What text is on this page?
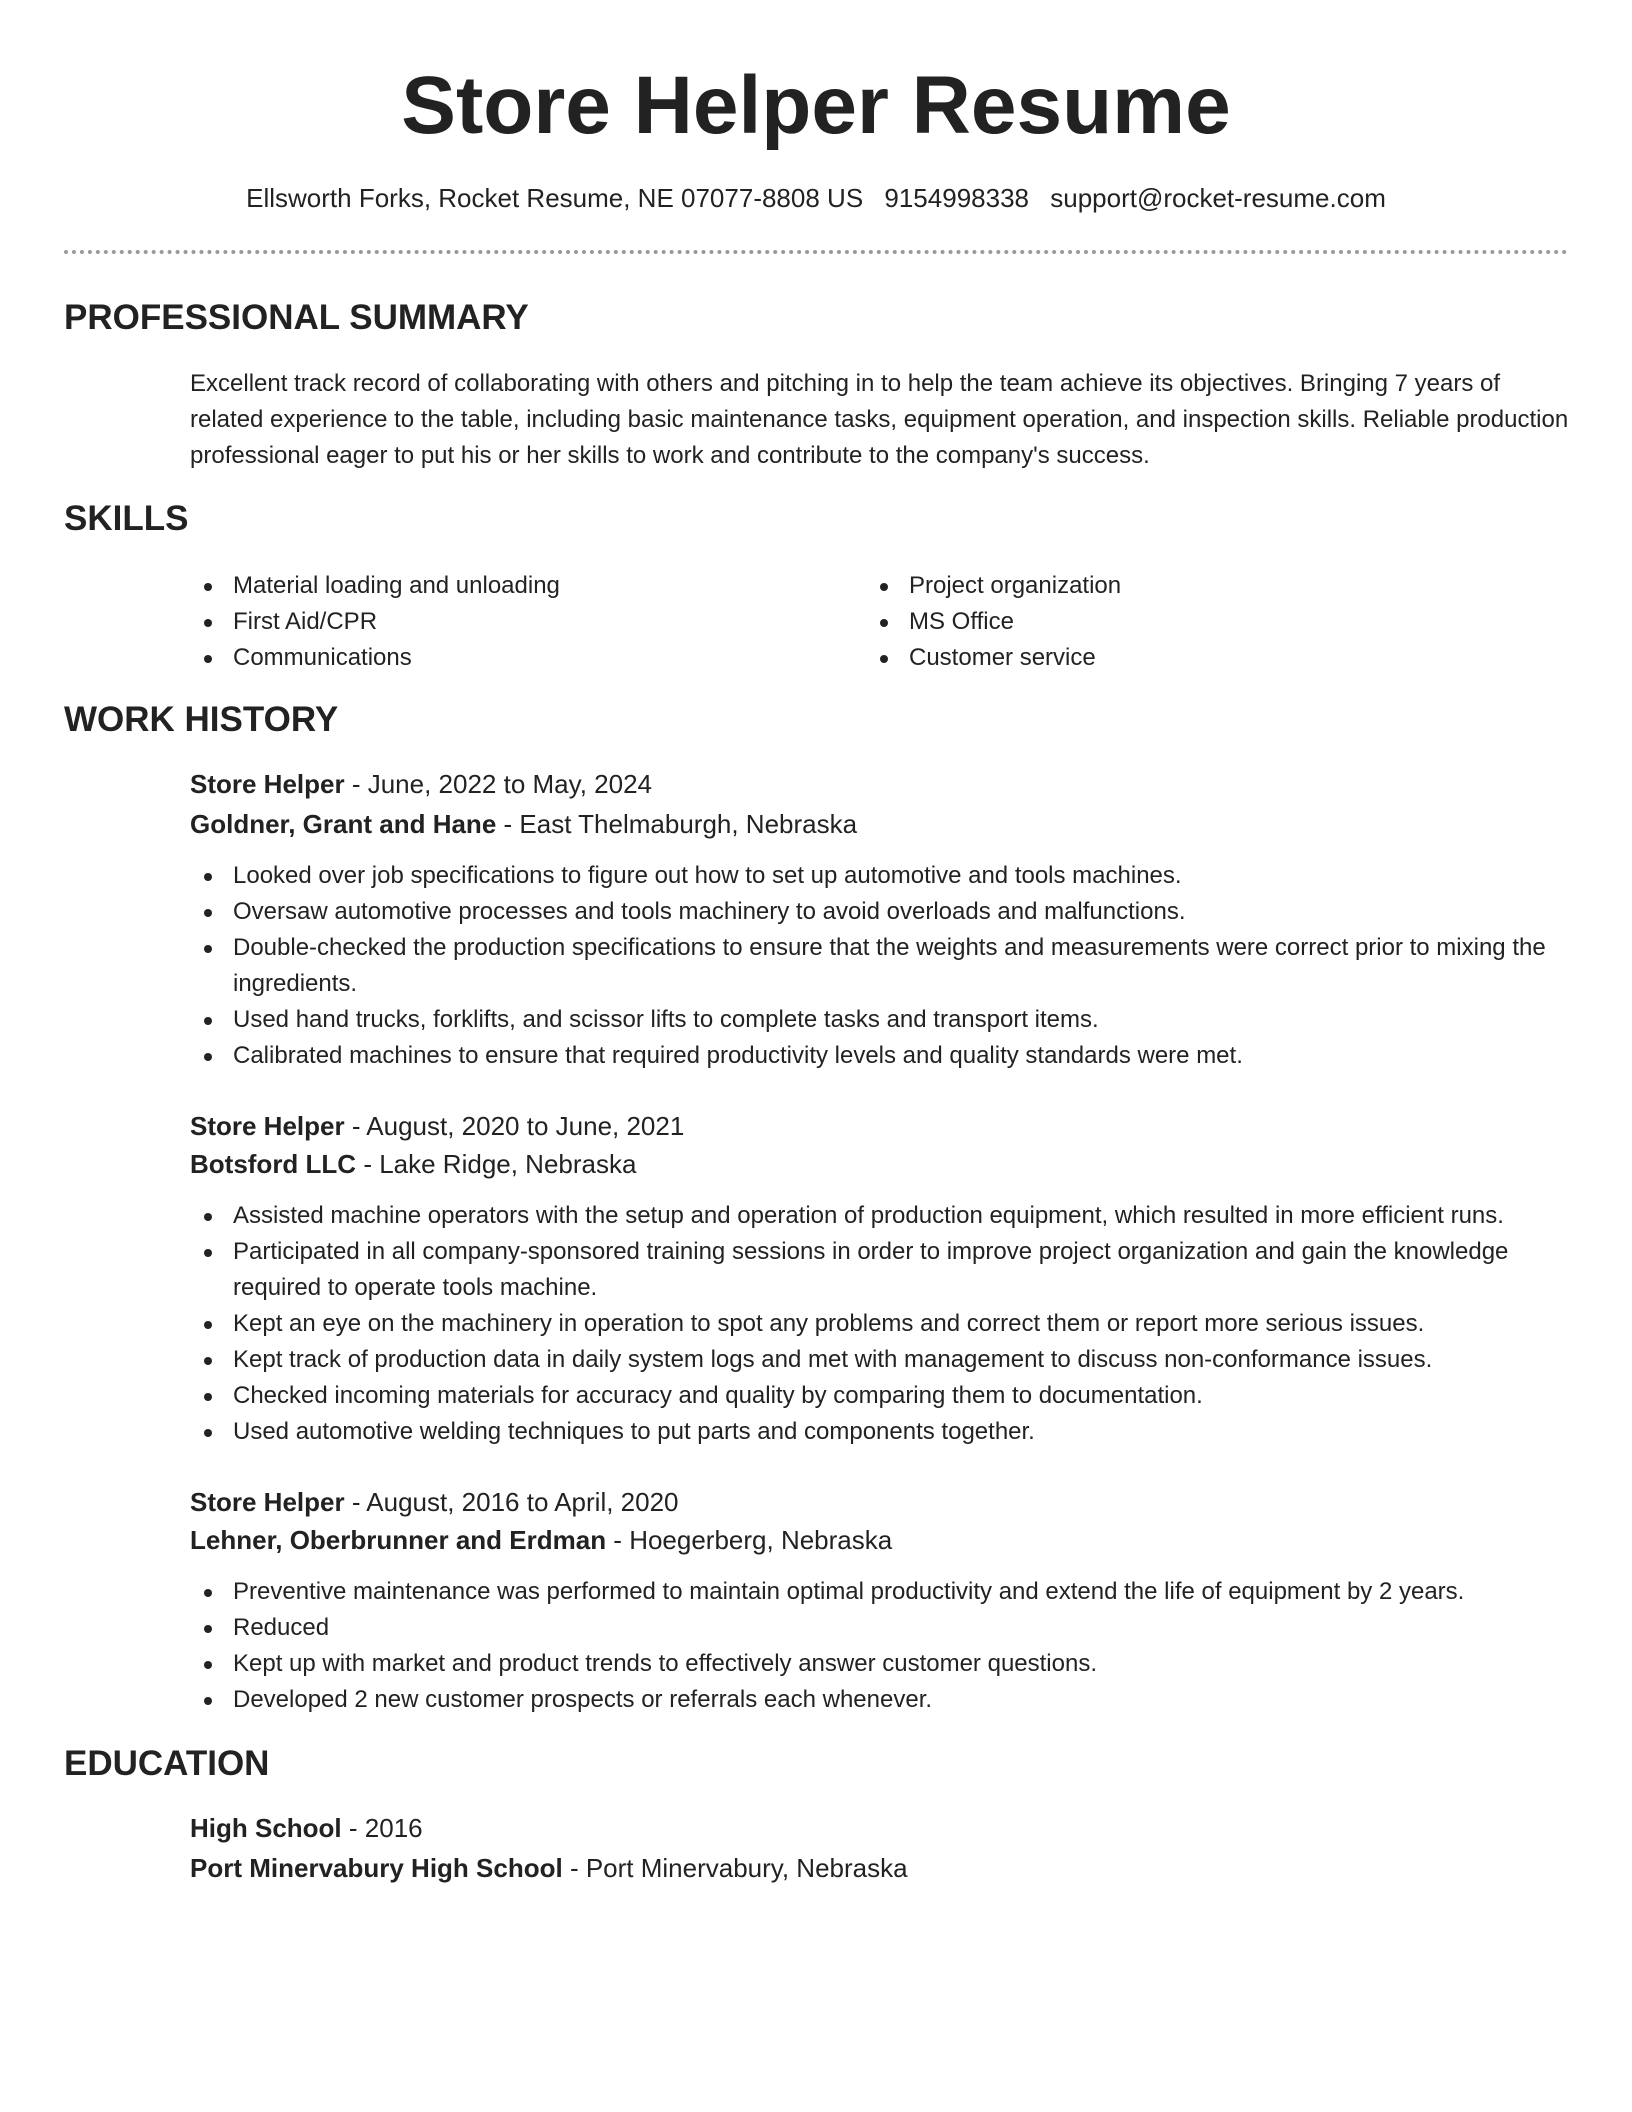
Store Helper Resume
Ellsworth Forks, Rocket Resume, NE 07077-8808 US 9154998338 support@rocket-resume.com
PROFESSIONAL SUMMARY

Excellent track record of collaborating with others and pitching in to help the team achieve its objectives. Bringing 7 years of related experience to the table, including basic maintenance tasks, equipment operation, and inspection skills. Reliable production professional eager to put his or her skills to work and contribute to the company's success.

SKILLS
Material loading and unloading
First Aid/CPR
Communications
Project organization
MS Office
Customer service
WORK HISTORY
Store Helper - June, 2022 to May, 2024
Goldner, Grant and Hane - East Thelmaburgh, Nebraska
Looked over job specifications to figure out how to set up automotive and tools machines.
Oversaw automotive processes and tools machinery to avoid overloads and malfunctions.
Double-checked the production specifications to ensure that the weights and measurements were correct prior to mixing the ingredients.
Used hand trucks, forklifts, and scissor lifts to complete tasks and transport items.
Calibrated machines to ensure that required productivity levels and quality standards were met.
Store Helper - August, 2020 to June, 2021
Botsford LLC - Lake Ridge, Nebraska
Assisted machine operators with the setup and operation of production equipment, which resulted in more efficient runs.
Participated in all company-sponsored training sessions in order to improve project organization and gain the knowledge required to operate tools machine.
Kept an eye on the machinery in operation to spot any problems and correct them or report more serious issues.
Kept track of production data in daily system logs and met with management to discuss non-conformance issues.
Checked incoming materials for accuracy and quality by comparing them to documentation.
Used automotive welding techniques to put parts and components together.
Store Helper - August, 2016 to April, 2020
Lehner, Oberbrunner and Erdman - Hoegerberg, Nebraska
Preventive maintenance was performed to maintain optimal productivity and extend the life of equipment by 2 years.
Reduced
Kept up with market and product trends to effectively answer customer questions.
Developed 2 new customer prospects or referrals each whenever.
EDUCATION
High School - 2016
Port Minervabury High School - Port Minervabury, Nebraska
